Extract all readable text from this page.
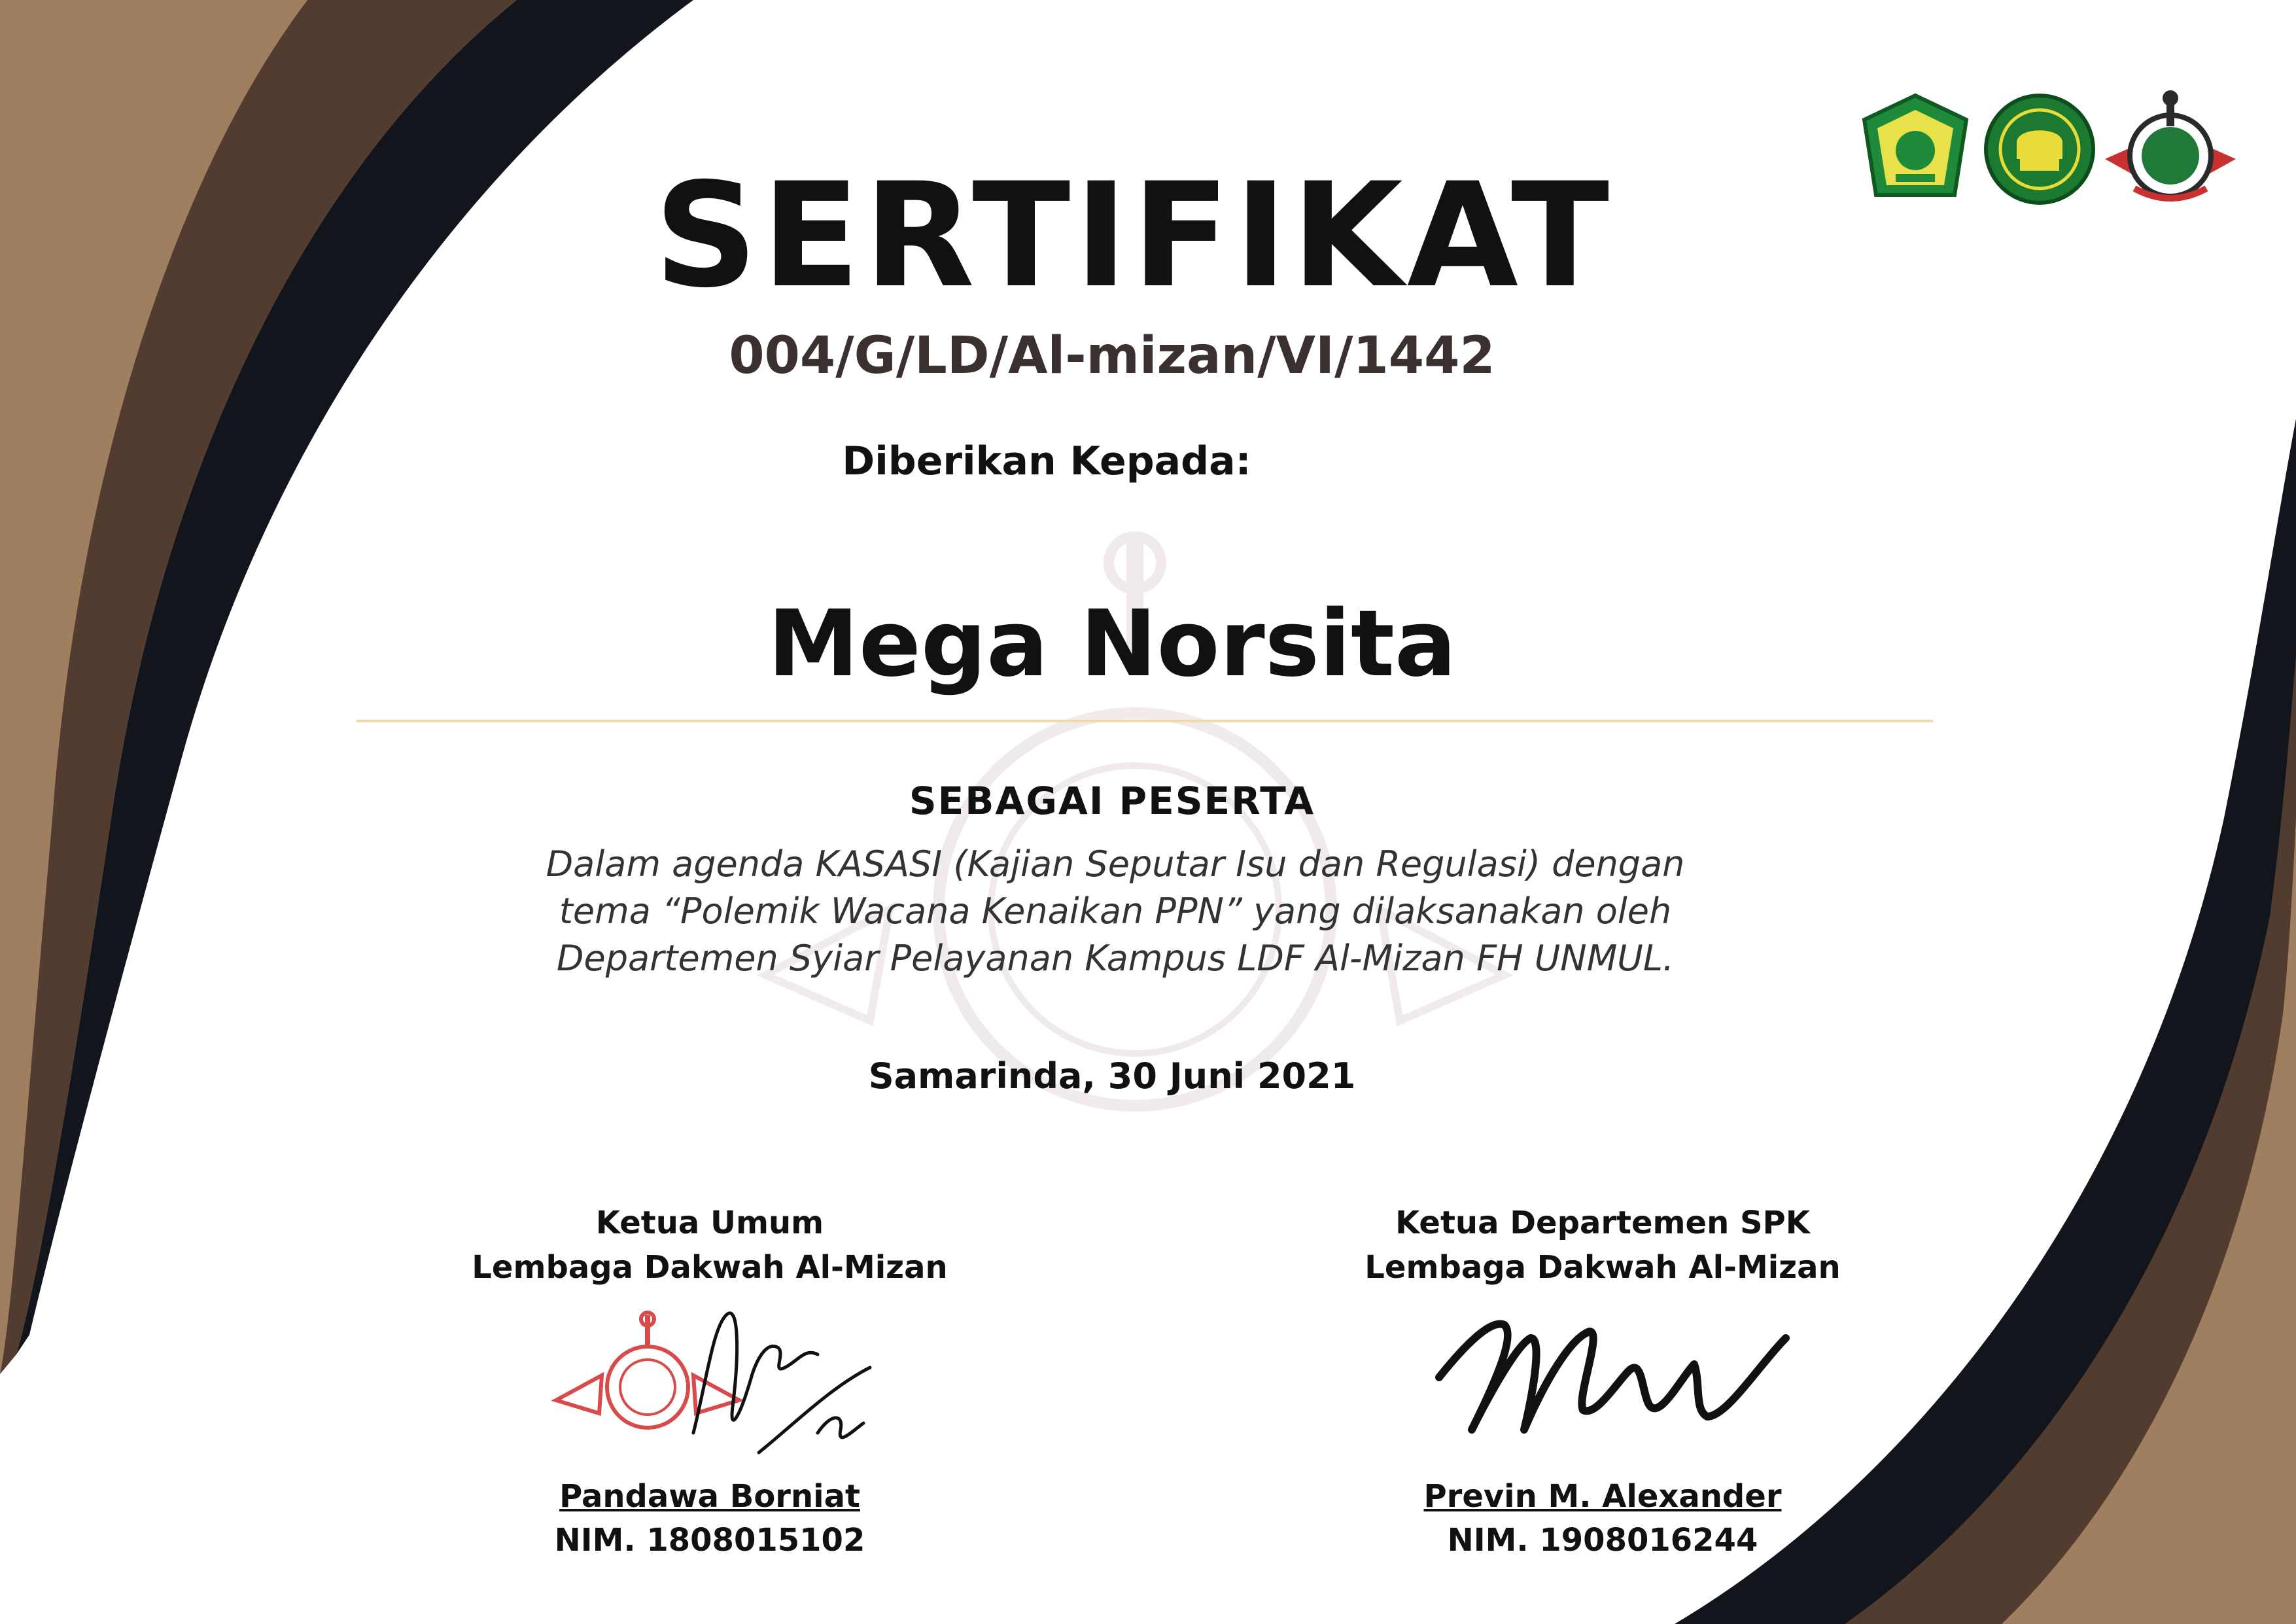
SERTIFIKAT
004/G/LD/Al-mizan/VI/1442
Diberikan Kepada:
Mega Norsita
SEBAGAI PESERTA
Dalam agenda KASASI (Kajian Seputar Isu dan Regulasi) dengan
tema “Polemik Wacana Kenaikan PPN” yang dilaksanakan oleh
Departemen Syiar Pelayanan Kampus LDF Al-Mizan FH UNMUL.
Samarinda, 30 Juni 2021
Ketua Umum
Lembaga Dakwah Al-Mizan
Pandawa Borniat
NIM. 1808015102
Ketua Departemen SPK
Lembaga Dakwah Al-Mizan
Previn M. Alexander
NIM. 1908016244
